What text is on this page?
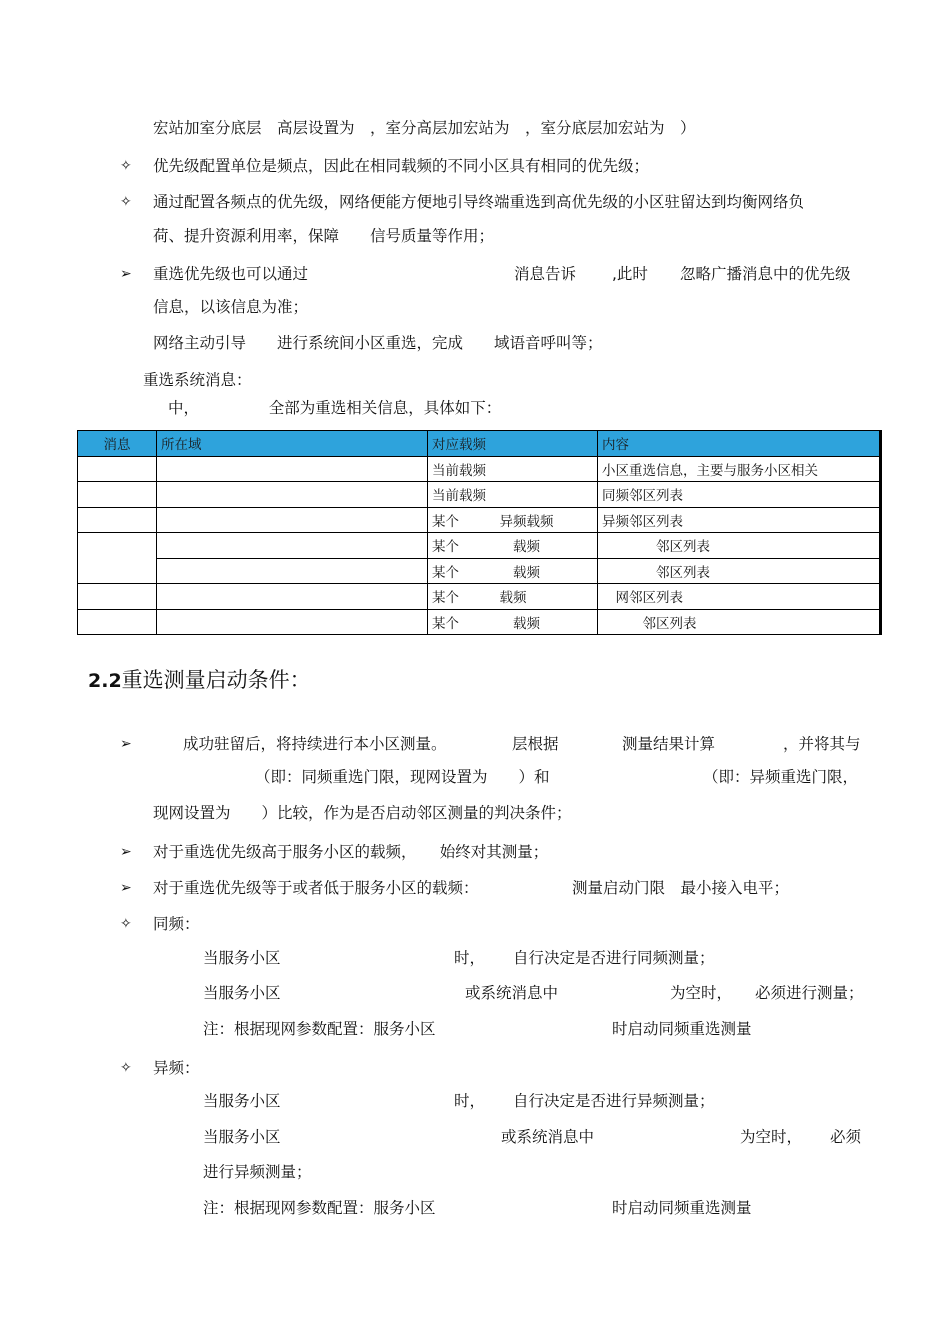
宏站加室分底层　高层设置为　，室分高层加宏站为　，室分底层加宏站为　）
✧ 优先级配置单位是频点，因此在相同载频的不同小区具有相同的优先级；
✧ 通过配置各频点的优先级，网络便能方便地引导终端重选到高优先级的小区驻留达到均衡网络负
荷、提升资源利用率，保障　　信号质量等作用；
➢ 重选优先级也可以通过	消息告诉 ,此时 忽略广播消息中的优先级
信息，以该信息为准；
网络主动引导　　进行系统间小区重选，完成　　域语音呼叫等；
重选系统消息：
中，　　　　　全部为重选相关信息，具体如下：
消息	所在域	对应载频	内容
		当前载频	小区重选信息，主要与服务小区相关
		当前载频	同频邻区列表
		某个　　　异频载频	异频邻区列表
		某个　　　　载频	　　　　邻区列表
		某个　　　　载频	　　　　邻区列表
		某个　　　载频	　网邻区列表
		某个　　　　载频	　　　邻区列表
2.2重选测量启动条件：
➢	成功驻留后，将持续进行本小区测量。	层根据	测量结果计算	，并将其与
（即：同频重选门限，现网设置为　　）和	（即：异频重选门限，
现网设置为　　）比较，作为是否启动邻区测量的判决条件；
➢ 对于重选优先级高于服务小区的载频，　　始终对其测量；
➢ 对于重选优先级等于或者低于服务小区的载频：	测量启动门限　最小接入电平；
✧ 同频：
当服务小区	时， 自行决定是否进行同频测量；
当服务小区	或系统消息中	为空时， 必须进行测量；
注：根据现网参数配置：服务小区	时启动同频重选测量
✧ 异频：
当服务小区	时， 自行决定是否进行异频测量；
当服务小区	或系统消息中	为空时， 必须
进行异频测量；
注：根据现网参数配置：服务小区	时启动同频重选测量
